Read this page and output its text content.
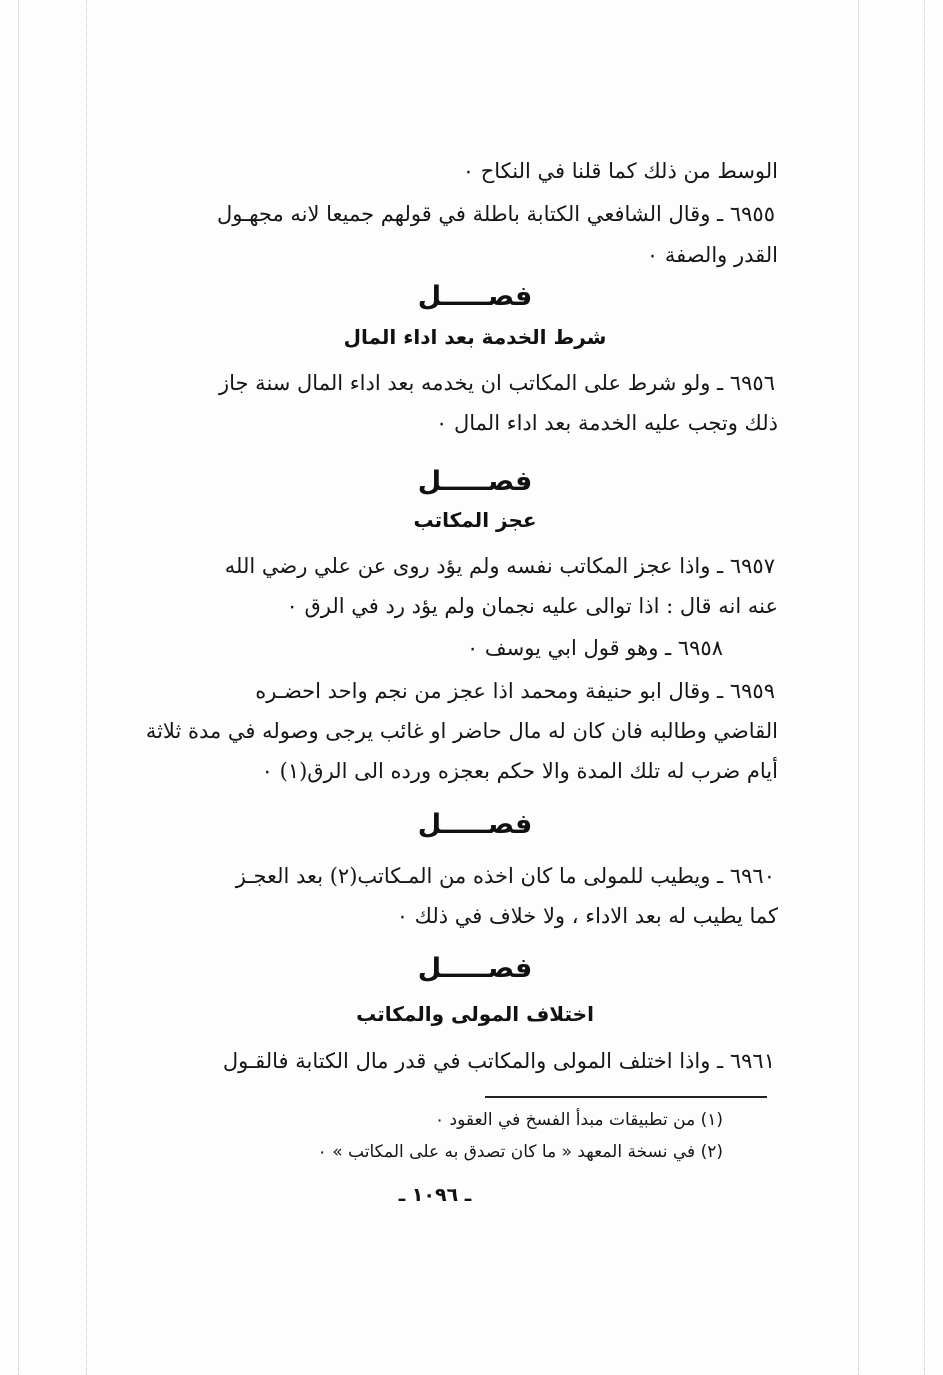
الوسط من ذلك كما قلنا في النكاح ٠
٦٩٥٥ ـ وقال الشافعي الكتابة باطلة في قولهم جميعا لانه مجهـول
القدر والصفة ٠
فصـــــل
شرط الخدمة بعد اداء المال
٦٩٥٦ ـ ولو شرط على المكاتب ان يخدمه بعد اداء المال سنة جاز
ذلك وتجب عليه الخدمة بعد اداء المال ٠
فصـــــل
عجز المكاتب
٦٩٥٧ ـ واذا عجز المكاتب نفسه ولم يؤد روى عن علي رضي الله
عنه انه قال : اذا توالى عليه نجمان ولم يؤد رد في الرق ٠
٦٩٥٨ ـ وهو قول ابي يوسف ٠
٦٩٥٩ ـ وقال ابو حنيفة ومحمد اذا عجز من نجم واحد احضـره
القاضي وطالبه فان كان له مال حاضر او غائب يرجى وصوله في مدة ثلاثة
أيام ضرب له تلك المدة والا حكم بعجزه ورده الى الرق(١) ٠
فصـــــل
٦٩٦٠ ـ ويطيب للمولى ما كان اخذه من المـكاتب(٢) بعد العجـز
كما يطيب له بعد الاداء ، ولا خلاف في ذلك ٠
فصـــــل
اختلاف المولى والمكاتب
٦٩٦١ ـ واذا اختلف المولى والمكاتب في قدر مال الكتابة فالقـول
(١) من تطبيقات مبدأ الفسخ في العقود ٠
(٢) في نسخة المعهد « ما كان تصدق به على المكاتب » ٠
ـ ١٠٩٦ ـ
